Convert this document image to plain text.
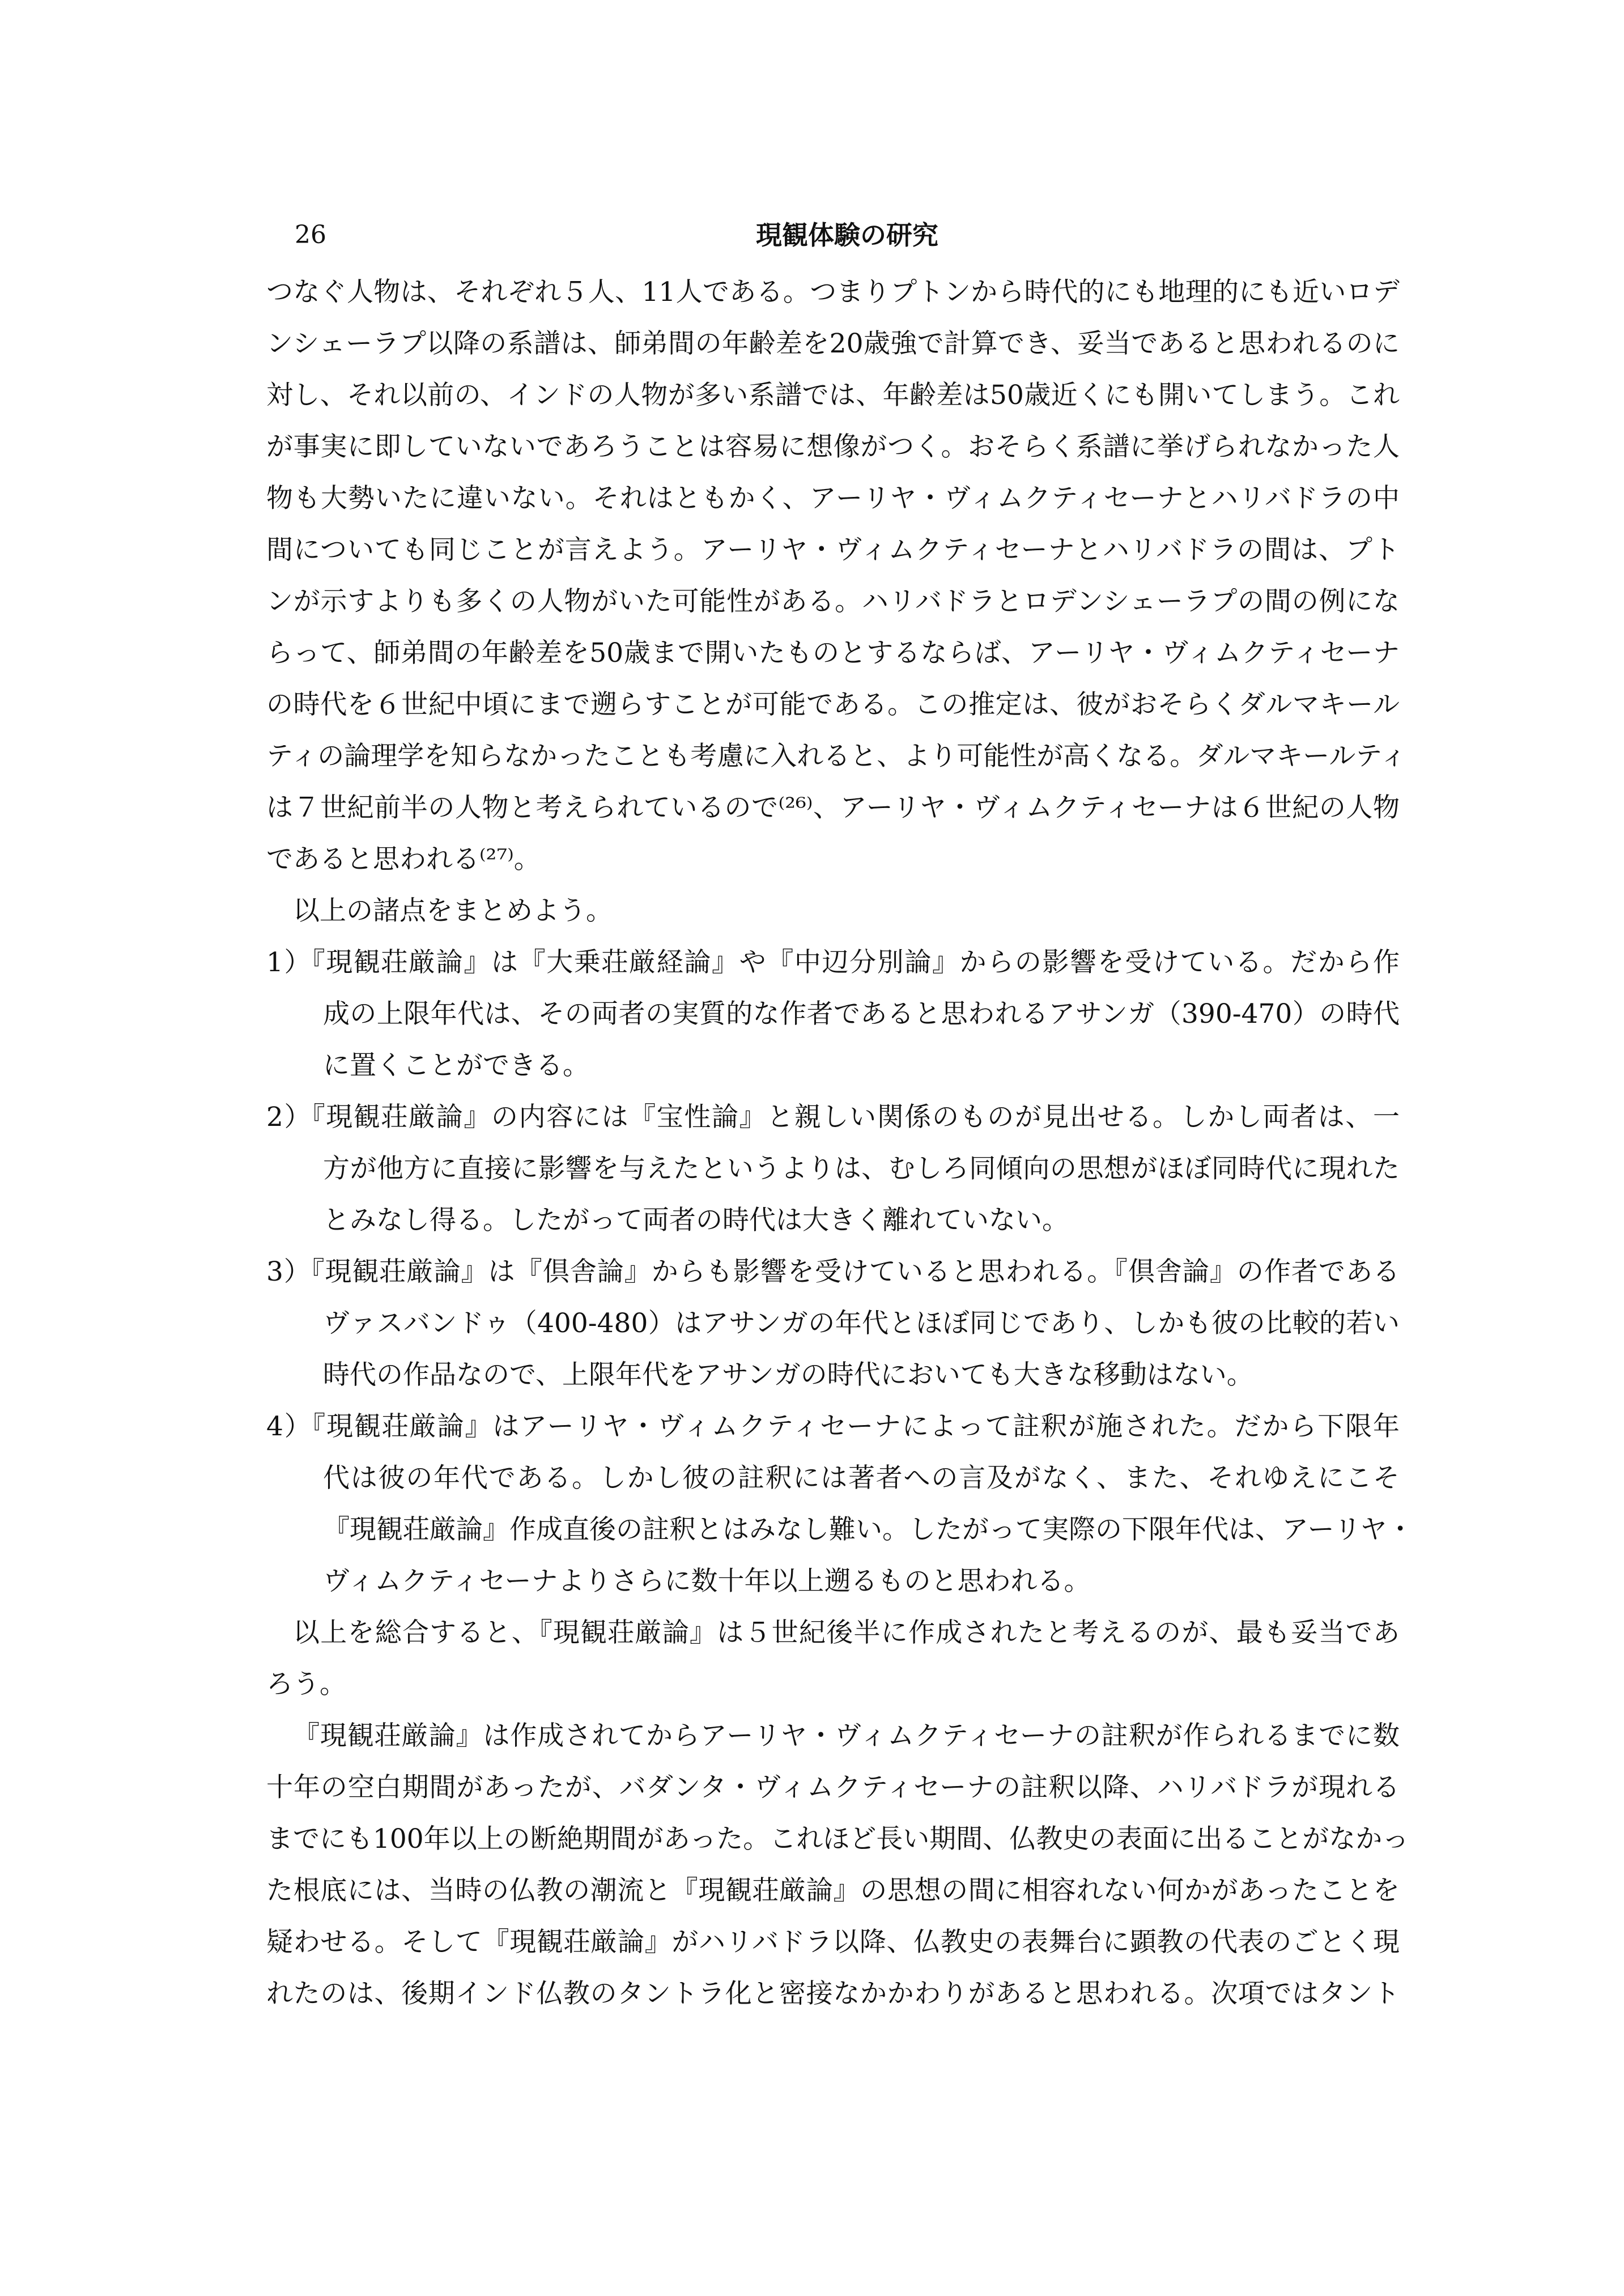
26	現観体験の研究
つなぐ人物は、それぞれ５人、11人である。つまりプトンから時代的にも地理的にも近いロデ
ンシェーラプ以降の系譜は、師弟間の年齢差を20歳強で計算でき、妥当であると思われるのに
対し、それ以前の、インドの人物が多い系譜では、年齢差は50歳近くにも開いてしまう。これ
が事実に即していないであろうことは容易に想像がつく。おそらく系譜に挙げられなかった人
物も大勢いたに違いない。それはともかく、アーリヤ・ヴィムクティセーナとハリバドラの中
間についても同じことが言えよう。アーリヤ・ヴィムクティセーナとハリバドラの間は、プト
ンが示すよりも多くの人物がいた可能性がある。ハリバドラとロデンシェーラプの間の例にな
らって、師弟間の年齢差を50歳まで開いたものとするならば、アーリヤ・ヴィムクティセーナ
の時代を６世紀中頃にまで遡らすことが可能である。この推定は、彼がおそらくダルマキール
ティの論理学を知らなかったことも考慮に入れると、より可能性が高くなる。ダルマキールティ
は７世紀前半の人物と考えられているので⁽²⁶⁾、アーリヤ・ヴィムクティセーナは６世紀の人物
であると思われる⁽²⁷⁾。
以上の諸点をまとめよう。
1）『現観荘厳論』は『大乗荘厳経論』や『中辺分別論』からの影響を受けている。だから作
成の上限年代は、その両者の実質的な作者であると思われるアサンガ（390-470）の時代
に置くことができる。
2）『現観荘厳論』の内容には『宝性論』と親しい関係のものが見出せる。しかし両者は、一
方が他方に直接に影響を与えたというよりは、むしろ同傾向の思想がほぼ同時代に現れた
とみなし得る。したがって両者の時代は大きく離れていない。
3）『現観荘厳論』は『倶舎論』からも影響を受けていると思われる。『倶舎論』の作者である
ヴァスバンドゥ（400-480）はアサンガの年代とほぼ同じであり、しかも彼の比較的若い
時代の作品なので、上限年代をアサンガの時代においても大きな移動はない。
4）『現観荘厳論』はアーリヤ・ヴィムクティセーナによって註釈が施された。だから下限年
代は彼の年代である。しかし彼の註釈には著者への言及がなく、また、それゆえにこそ
『現観荘厳論』作成直後の註釈とはみなし難い。したがって実際の下限年代は、アーリヤ・
ヴィムクティセーナよりさらに数十年以上遡るものと思われる。
以上を総合すると、『現観荘厳論』は５世紀後半に作成されたと考えるのが、最も妥当であ
ろう。
『現観荘厳論』は作成されてからアーリヤ・ヴィムクティセーナの註釈が作られるまでに数
十年の空白期間があったが、バダンタ・ヴィムクティセーナの註釈以降、ハリバドラが現れる
までにも100年以上の断絶期間があった。これほど長い期間、仏教史の表面に出ることがなかっ
た根底には、当時の仏教の潮流と『現観荘厳論』の思想の間に相容れない何かがあったことを
疑わせる。そして『現観荘厳論』がハリバドラ以降、仏教史の表舞台に顕教の代表のごとく現
れたのは、後期インド仏教のタントラ化と密接なかかわりがあると思われる。次項ではタント
